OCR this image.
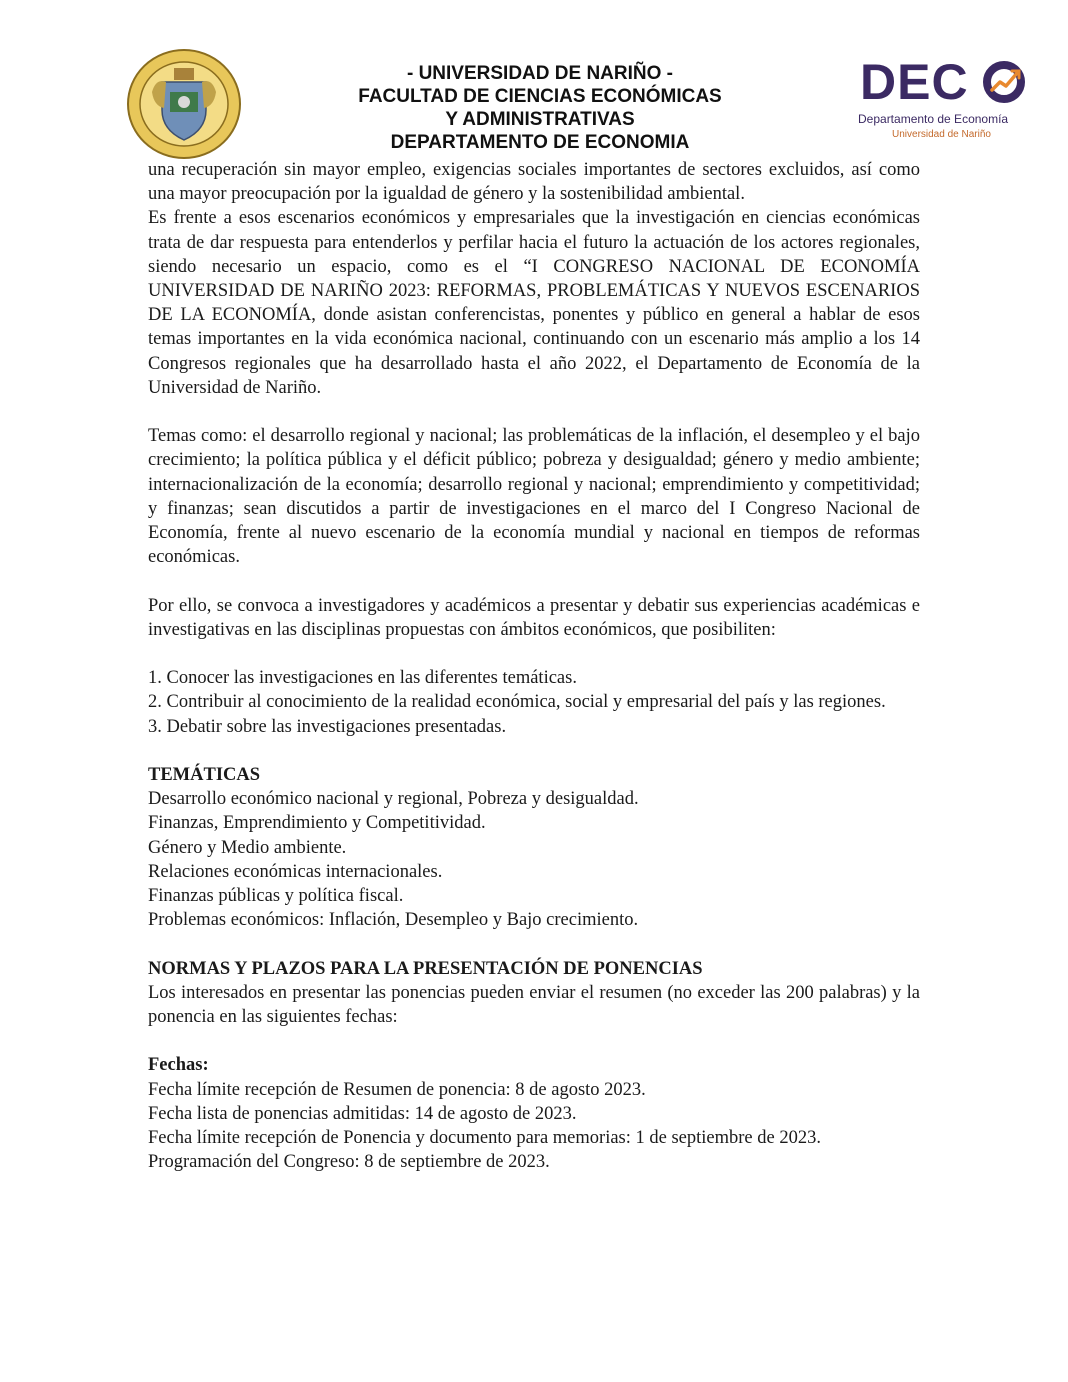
- UNIVERSIDAD DE NARIÑO -
FACULTAD DE CIENCIAS ECONÓMICAS
Y ADMINISTRATIVAS
DEPARTAMENTO DE ECONOMIA
DEC
Departamento de Economía
Universidad de Nariño

una recuperación sin mayor empleo, exigencias sociales importantes de sectores excluidos, así como una mayor preocupación por la igualdad de género y la sostenibilidad ambiental.

Es frente a esos escenarios económicos y empresariales que la investigación en ciencias económicas trata de dar respuesta para entenderlos y perfilar hacia el futuro la actuación de los actores regionales, siendo necesario un espacio, como es el “I CONGRESO NACIONAL DE ECONOMÍA UNIVERSIDAD DE NARIÑO 2023: REFORMAS, PROBLEMÁTICAS Y NUEVOS ESCENARIOS DE LA ECONOMÍA, donde asistan conferencistas, ponentes y público en general a hablar de esos temas importantes en la vida económica nacional, continuando con un escenario más amplio a los 14 Congresos regionales que ha desarrollado hasta el año 2022, el Departamento de Economía de la Universidad de Nariño.

Temas como: el desarrollo regional y nacional; las problemáticas de la inflación, el desempleo y el bajo crecimiento; la política pública y el déficit público; pobreza y desigualdad; género y medio ambiente; internacionalización de la economía; desarrollo regional y nacional; emprendimiento y competitividad; y finanzas; sean discutidos a partir de investigaciones en el marco del I Congreso Nacional de Economía, frente al nuevo escenario de la economía mundial y nacional en tiempos de reformas económicas.

Por ello, se convoca a investigadores y académicos a presentar y debatir sus experiencias académicas e investigativas en las disciplinas propuestas con ámbitos económicos, que posibiliten:

1. Conocer las investigaciones en las diferentes temáticas.

2. Contribuir al conocimiento de la realidad económica, social y empresarial del país y las regiones.

3. Debatir sobre las investigaciones presentadas.

TEMÁTICAS

Desarrollo económico nacional y regional, Pobreza y desigualdad.

Finanzas, Emprendimiento y Competitividad.

Género y Medio ambiente.

Relaciones económicas internacionales.

Finanzas públicas y política fiscal.

Problemas económicos: Inflación, Desempleo y Bajo crecimiento.

NORMAS Y PLAZOS PARA LA PRESENTACIÓN DE PONENCIAS

Los interesados en presentar las ponencias pueden enviar el resumen (no exceder las 200 palabras) y la ponencia en las siguientes fechas:

Fechas:

Fecha límite recepción de Resumen de ponencia: 8 de agosto 2023.

Fecha lista de ponencias admitidas: 14 de agosto de 2023.

Fecha límite recepción de Ponencia y documento para memorias: 1 de septiembre de 2023.

Programación del Congreso: 8 de septiembre de 2023.
